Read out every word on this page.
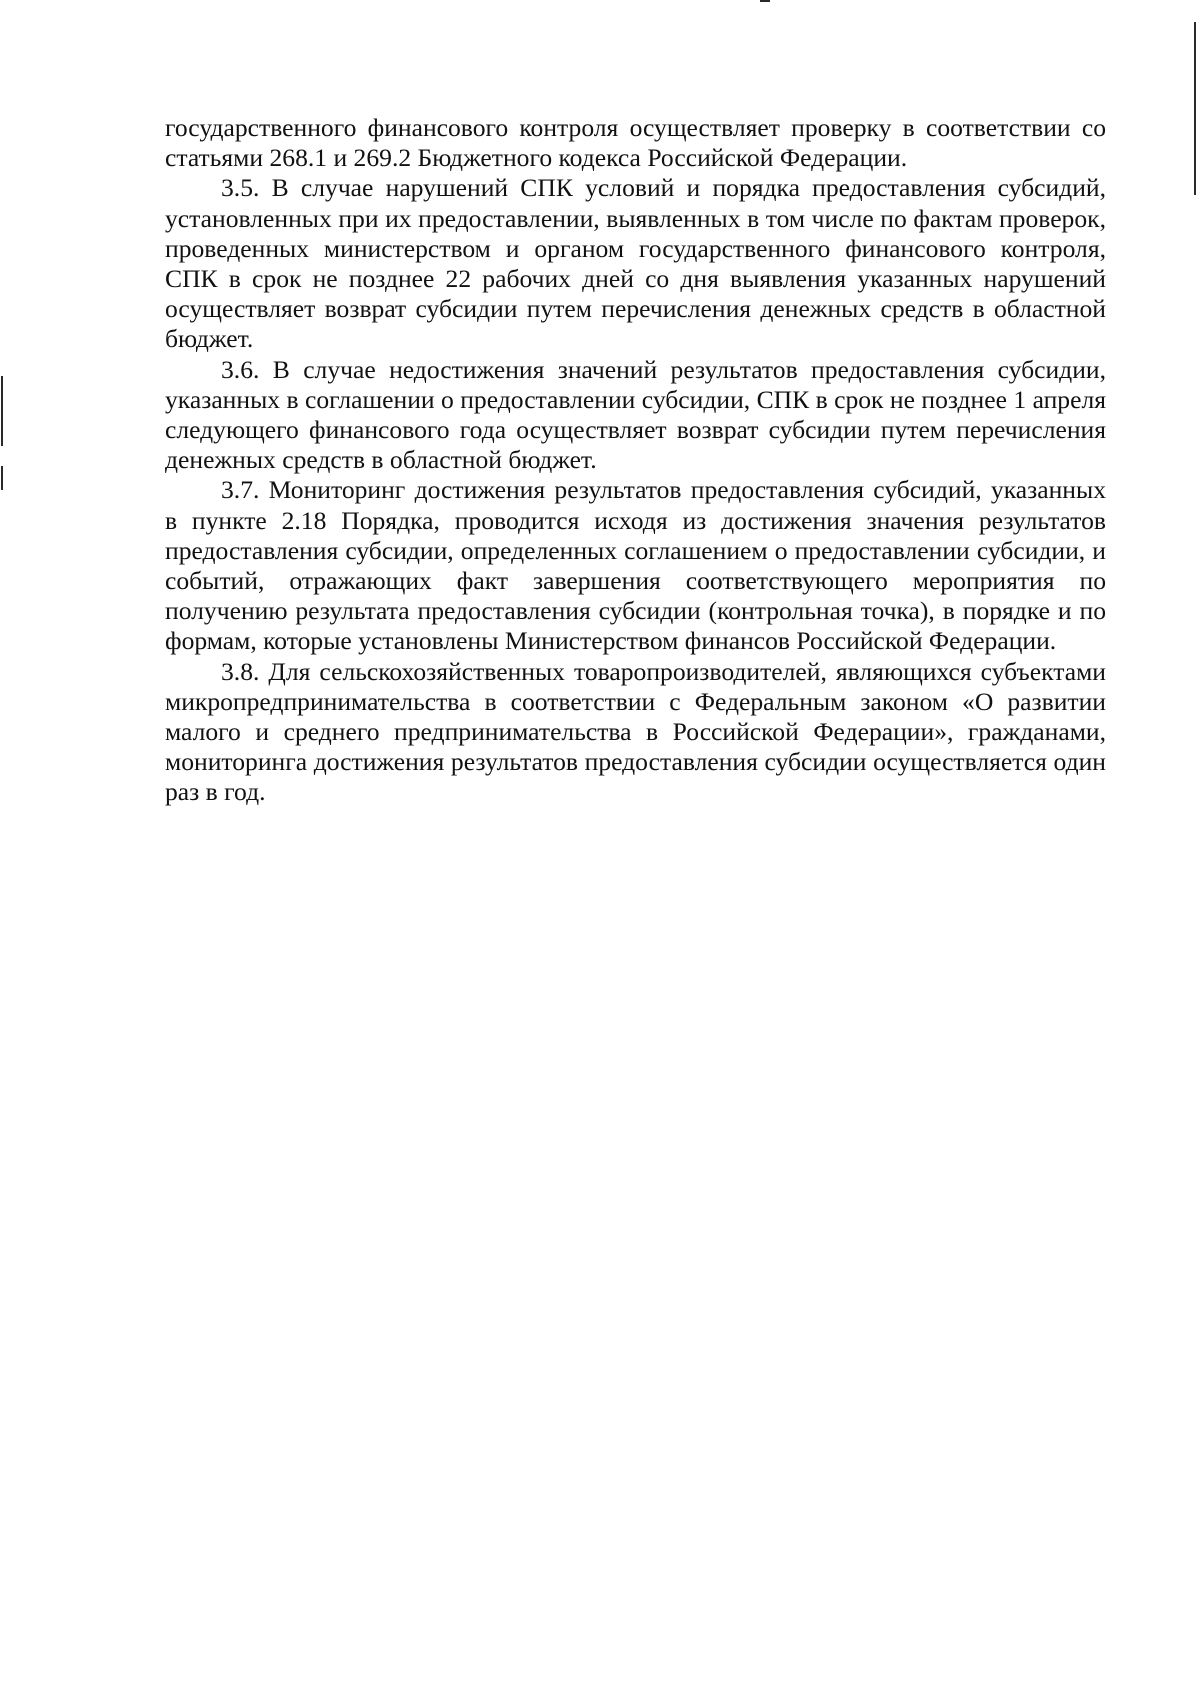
государственного финансового контроля осуществляет проверку в соответствии со статьями 268.1 и 269.2 Бюджетного кодекса Российской Федерации.

3.5. В случае нарушений СПК условий и порядка предоставления субсидий, установленных при их предоставлении, выявленных в том числе по фактам проверок, проведенных министерством и органом государственного финансового контроля, СПК в срок не позднее 22 рабочих дней со дня выявления указанных нарушений осуществляет возврат субсидии путем перечисления денежных средств в областной бюджет.

3.6. В случае недостижения значений результатов предоставления субсидии, указанных в соглашении о предоставлении субсидии, СПК в срок не позднее 1 апреля следующего финансового года осуществляет возврат субсидии путем перечисления денежных средств в областной бюджет.

3.7. Мониторинг достижения результатов предоставления субсидий, указанных в пункте 2.18 Порядка, проводится исходя из достижения значения результатов предоставления субсидии, определенных соглашением о предоставлении субсидии, и событий, отражающих факт завершения соответствующего мероприятия по получению результата предоставления субсидии (контрольная точка), в порядке и по формам, которые установлены Министерством финансов Российской Федерации.

3.8. Для сельскохозяйственных товаропроизводителей, являющихся субъектами микропредпринимательства в соответствии с Федеральным законом «О развитии малого и среднего предпринимательства в Российской Федерации», гражданами, мониторинга достижения результатов предоставления субсидии осуществляется один раз в год.
